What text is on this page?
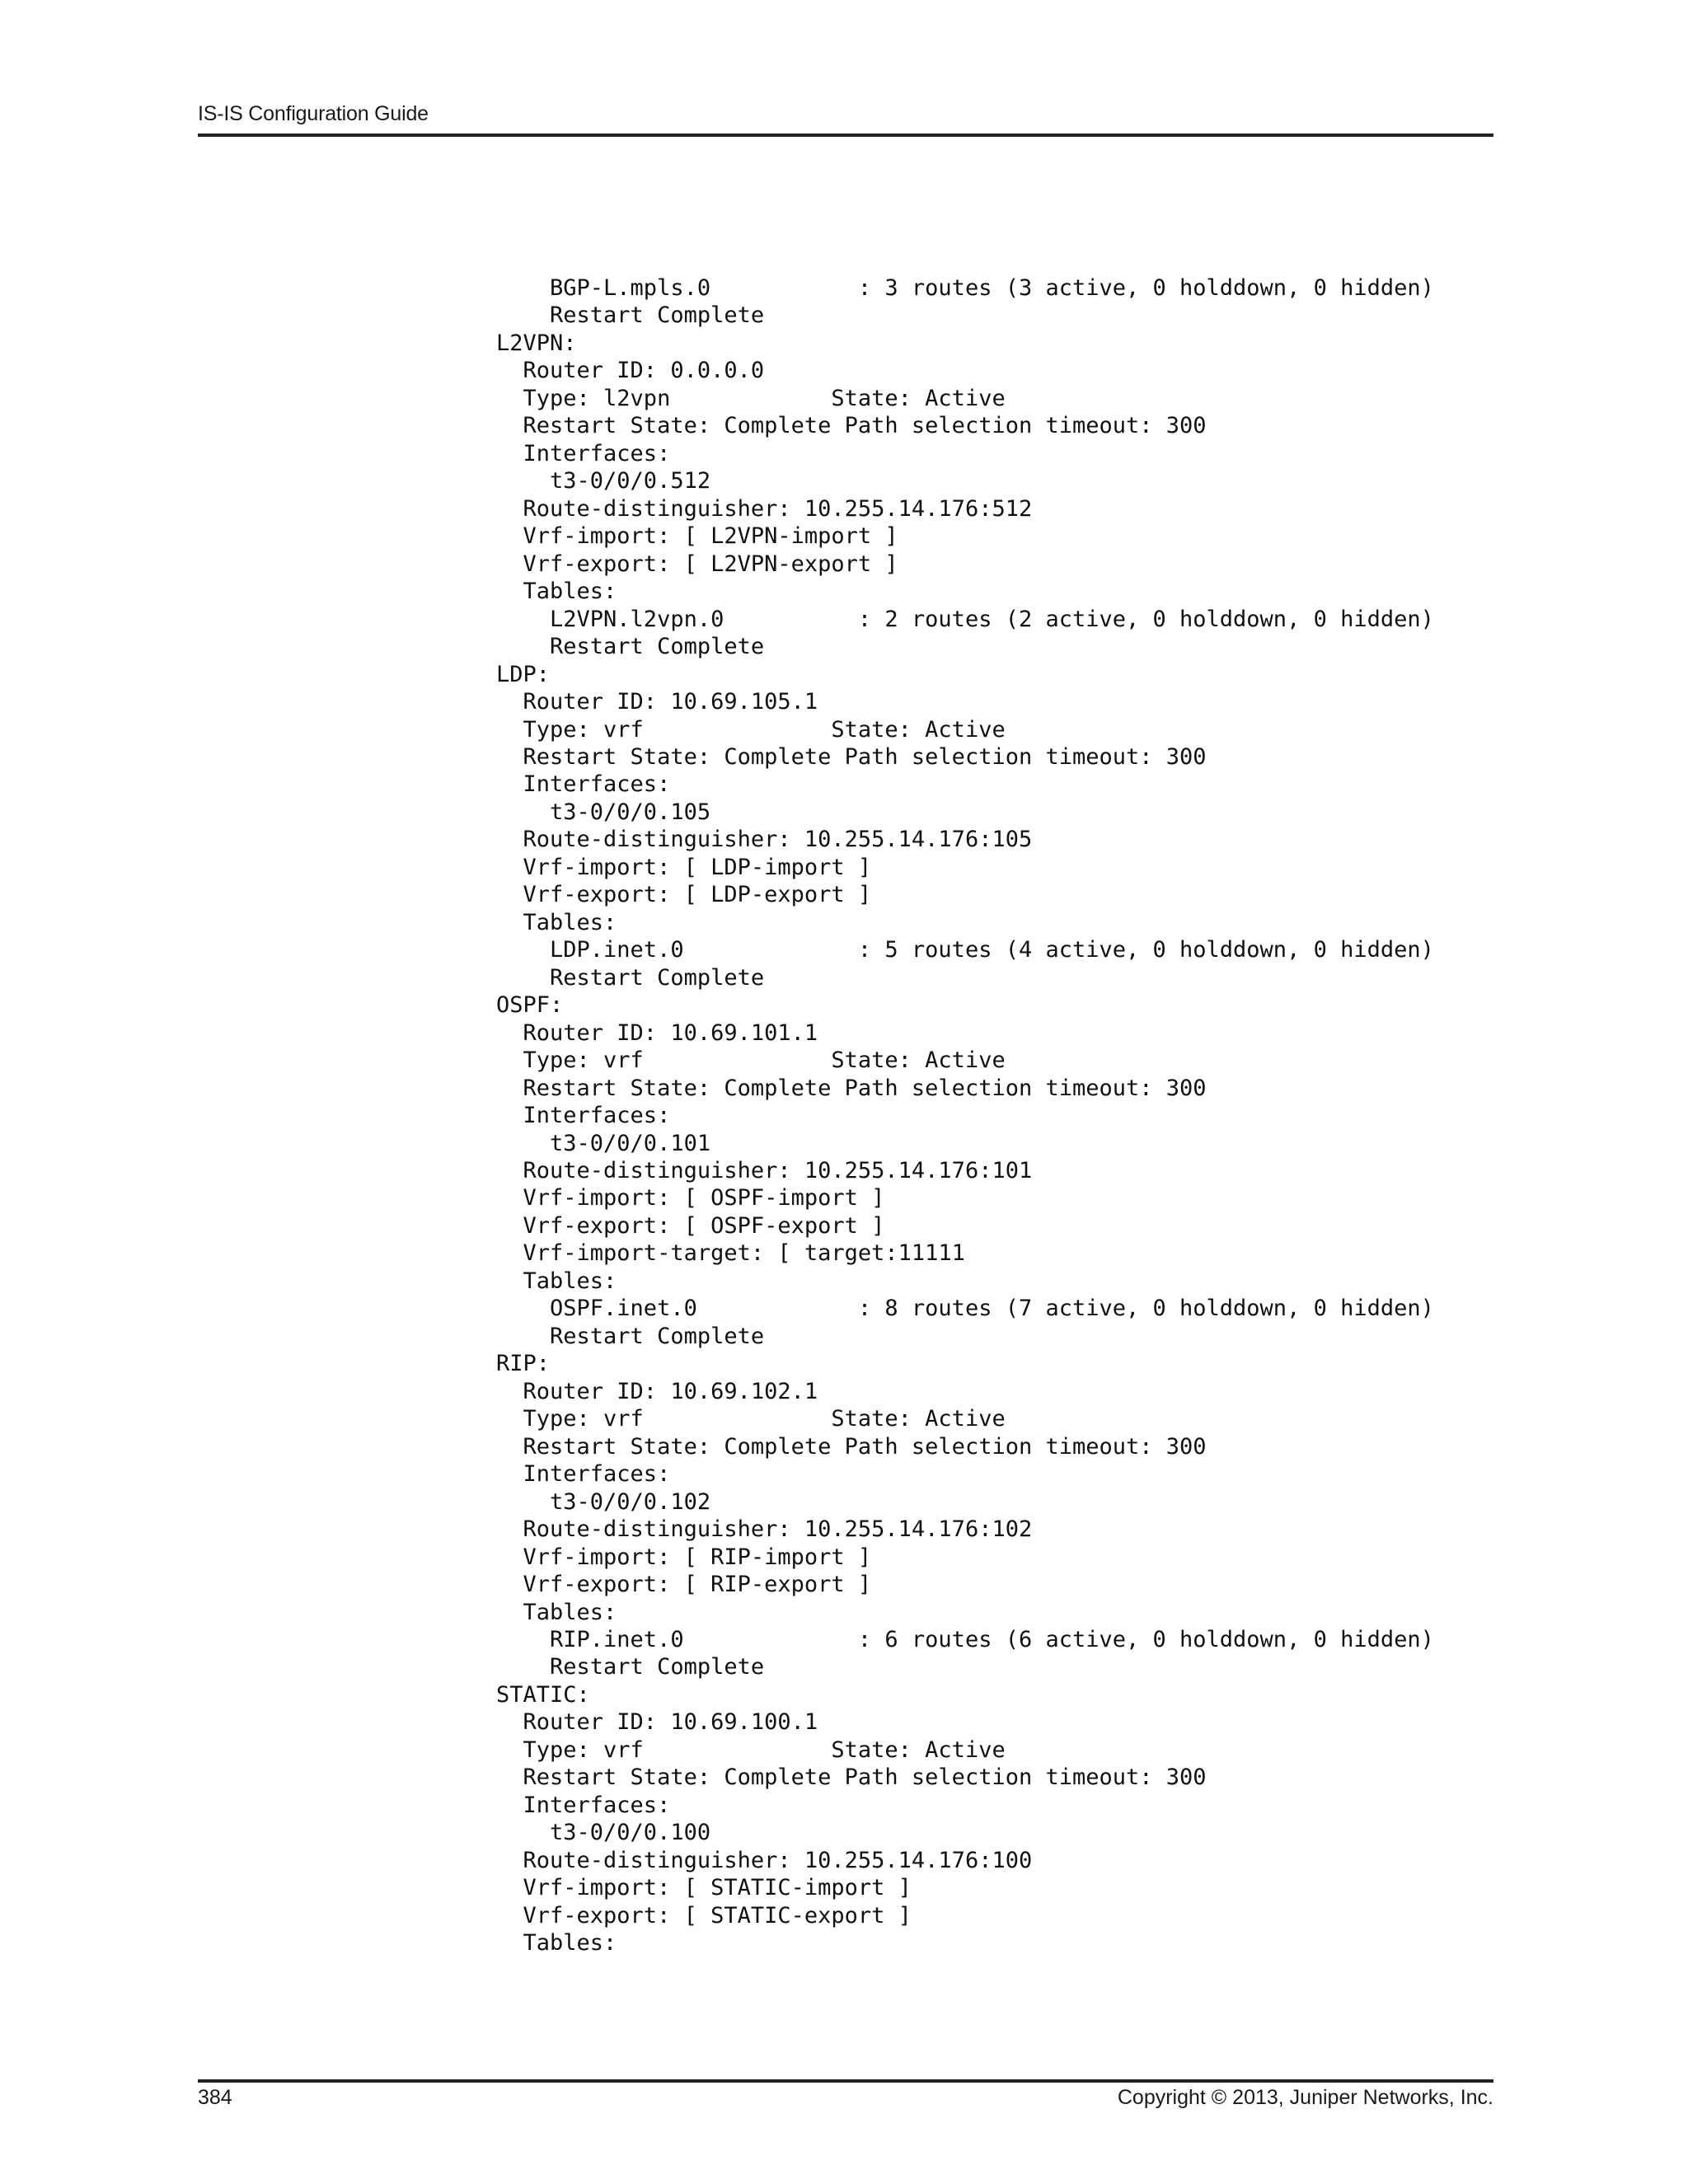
IS-IS Configuration Guide
BGP-L.mpls.0           : 3 routes (3 active, 0 holddown, 0 hidden)
Restart Complete
L2VPN:
Router ID: 0.0.0.0
Type: l2vpn            State: Active
Restart State: Complete Path selection timeout: 300
Interfaces:
t3-0/0/0.512
Route-distinguisher: 10.255.14.176:512
Vrf-import: [ L2VPN-import ]
Vrf-export: [ L2VPN-export ]
Tables:
L2VPN.l2vpn.0          : 2 routes (2 active, 0 holddown, 0 hidden)
Restart Complete
LDP:
Router ID: 10.69.105.1
Type: vrf              State: Active
Restart State: Complete Path selection timeout: 300
Interfaces:
t3-0/0/0.105
Route-distinguisher: 10.255.14.176:105
Vrf-import: [ LDP-import ]
Vrf-export: [ LDP-export ]
Tables:
LDP.inet.0             : 5 routes (4 active, 0 holddown, 0 hidden)
Restart Complete
OSPF:
Router ID: 10.69.101.1
Type: vrf              State: Active
Restart State: Complete Path selection timeout: 300
Interfaces:
t3-0/0/0.101
Route-distinguisher: 10.255.14.176:101
Vrf-import: [ OSPF-import ]
Vrf-export: [ OSPF-export ]
Vrf-import-target: [ target:11111
Tables:
OSPF.inet.0            : 8 routes (7 active, 0 holddown, 0 hidden)
Restart Complete
RIP:
Router ID: 10.69.102.1
Type: vrf              State: Active
Restart State: Complete Path selection timeout: 300
Interfaces:
t3-0/0/0.102
Route-distinguisher: 10.255.14.176:102
Vrf-import: [ RIP-import ]
Vrf-export: [ RIP-export ]
Tables:
RIP.inet.0             : 6 routes (6 active, 0 holddown, 0 hidden)
Restart Complete
STATIC:
Router ID: 10.69.100.1
Type: vrf              State: Active
Restart State: Complete Path selection timeout: 300
Interfaces:
t3-0/0/0.100
Route-distinguisher: 10.255.14.176:100
Vrf-import: [ STATIC-import ]
Vrf-export: [ STATIC-export ]
Tables:
384	Copyright © 2013, Juniper Networks, Inc.
